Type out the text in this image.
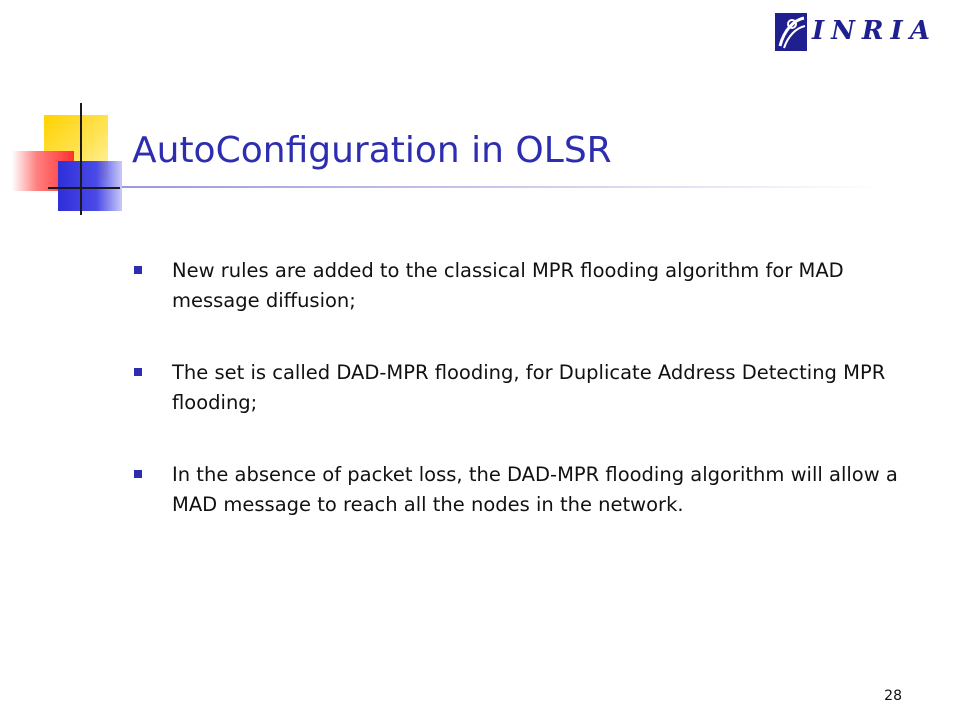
INRIA
AutoConfiguration in OLSR
New rules are added to the classical MPR flooding algorithm for MAD message diffusion;
The set is called DAD-MPR flooding, for Duplicate Address Detecting MPR flooding;
In the absence of packet loss, the DAD-MPR flooding algorithm will allow a MAD message to reach all the nodes in the network.
28
